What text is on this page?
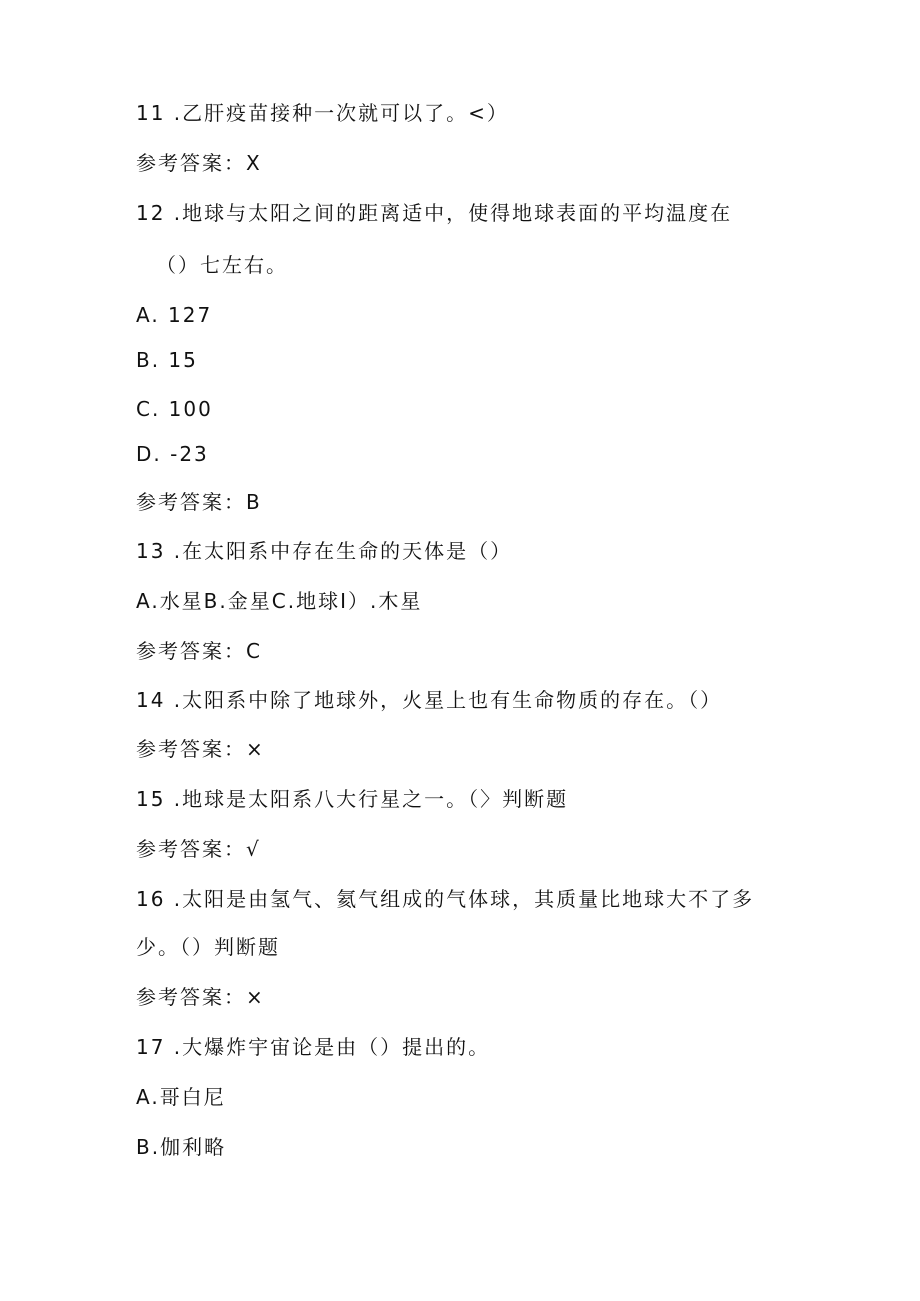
11 .乙肝疫苗接种一次就可以了。<）
参考答案：X
12 .地球与太阳之间的距离适中，使得地球表面的平均温度在
（）七左右。
A. 127
B. 15
C. 100
D. -23
参考答案：B
13 .在太阳系中存在生命的天体是（）
A.水星B.金星C.地球I）.木星
参考答案：C
14 .太阳系中除了地球外，火星上也有生命物质的存在。（）
参考答案：×
15 .地球是太阳系八大行星之一。（〉判断题
参考答案：√
16 .太阳是由氢气、氦气组成的气体球，其质量比地球大不了多
少。（）判断题
参考答案：×
17 .大爆炸宇宙论是由（）提出的。
A.哥白尼
B.伽利略
